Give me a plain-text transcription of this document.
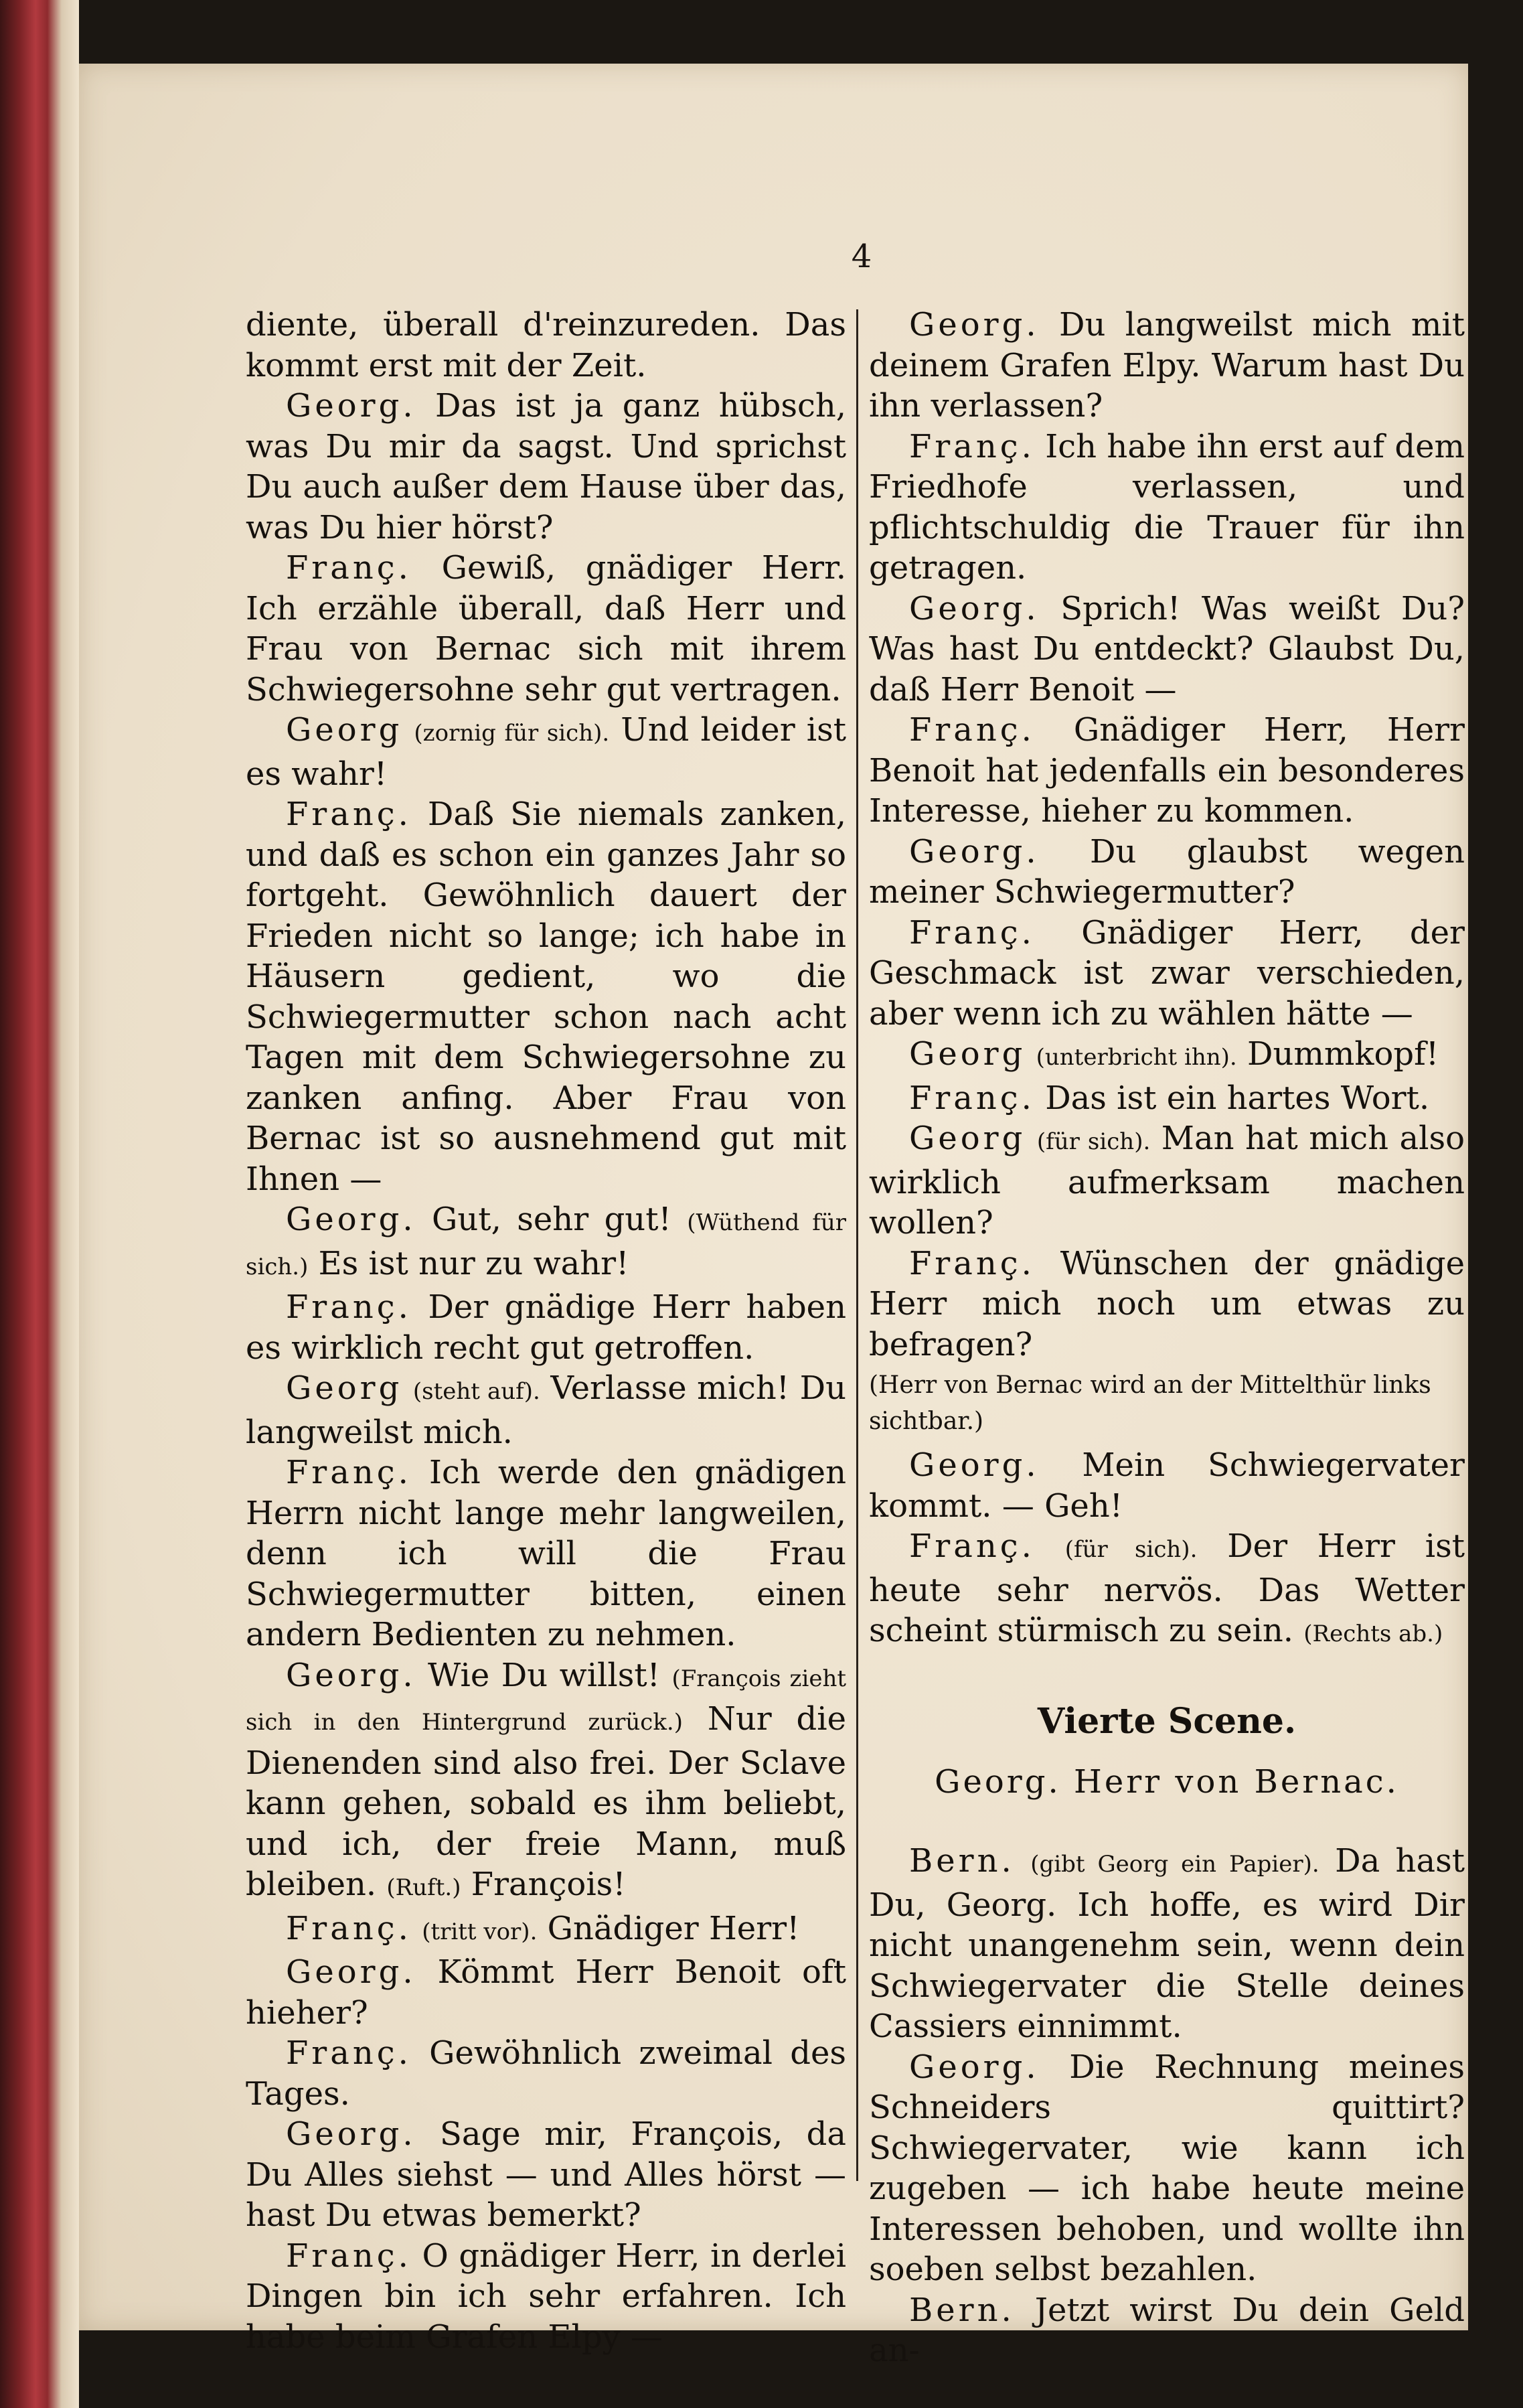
4
diente, überall d'reinzureden. Das kommt erst mit der Zeit.
Georg. Das ist ja ganz hübsch, was Du mir da sagst. Und sprichst Du auch außer dem Hause über das, was Du hier hörst?
Franç. Gewiß, gnädiger Herr. Ich erzähle überall, daß Herr und Frau von Bernac sich mit ihrem Schwiegersohne sehr gut vertragen.
Georg (zornig für sich). Und leider ist es wahr!
Franç. Daß Sie niemals zanken, und daß es schon ein ganzes Jahr so fortgeht. Gewöhnlich dauert der Frieden nicht so lange; ich habe in Häusern gedient, wo die Schwiegermutter schon nach acht Tagen mit dem Schwiegersohne zu zanken anfing. Aber Frau von Bernac ist so ausnehmend gut mit Ihnen —
Georg. Gut, sehr gut! (Wüthend für sich.) Es ist nur zu wahr!
Franç. Der gnädige Herr haben es wirklich recht gut getroffen.
Georg (steht auf). Verlasse mich! Du langweilst mich.
Franç. Ich werde den gnädigen Herrn nicht lange mehr langweilen, denn ich will die Frau Schwiegermutter bitten, einen andern Bedienten zu nehmen.
Georg. Wie Du willst! (François zieht sich in den Hintergrund zurück.) Nur die Dienenden sind also frei. Der Sclave kann gehen, sobald es ihm beliebt, und ich, der freie Mann, muß bleiben. (Ruft.) François!
Franç. (tritt vor). Gnädiger Herr!
Georg. Kömmt Herr Benoit oft hieher?
Franç. Gewöhnlich zweimal des Tages.
Georg. Sage mir, François, da Du Alles siehst — und Alles hörst — hast Du etwas bemerkt?
Franç. O gnädiger Herr, in derlei Dingen bin ich sehr erfahren. Ich habe beim Grafen Elpy —
Georg. Du langweilst mich mit deinem Grafen Elpy. Warum hast Du ihn verlassen?
Franç. Ich habe ihn erst auf dem Friedhofe verlassen, und pflichtschuldig die Trauer für ihn getragen.
Georg. Sprich! Was weißt Du? Was hast Du entdeckt? Glaubst Du, daß Herr Benoit —
Franç. Gnädiger Herr, Herr Benoit hat jedenfalls ein besonderes Interesse, hieher zu kommen.
Georg. Du glaubst wegen meiner Schwiegermutter?
Franç. Gnädiger Herr, der Geschmack ist zwar verschieden, aber wenn ich zu wählen hätte —
Georg (unterbricht ihn). Dummkopf!
Franç. Das ist ein hartes Wort.
Georg (für sich). Man hat mich also wirklich aufmerksam machen wollen?
Franç. Wünschen der gnädige Herr mich noch um etwas zu befragen?
(Herr von Bernac wird an der Mittelthür links sichtbar.)
Georg. Mein Schwiegervater kommt. — Geh!
Franç. (für sich). Der Herr ist heute sehr nervös. Das Wetter scheint stürmisch zu sein. (Rechts ab.)
Vierte Scene.
Georg. Herr von Bernac.
Bern. (gibt Georg ein Papier). Da hast Du, Georg. Ich hoffe, es wird Dir nicht unangenehm sein, wenn dein Schwiegervater die Stelle deines Cassiers einnimmt.
Georg. Die Rechnung meines Schneiders quittirt? Schwiegervater, wie kann ich zugeben — ich habe heute meine Interessen behoben, und wollte ihn soeben selbst bezahlen.
Bern. Jetzt wirst Du dein Geld an-
